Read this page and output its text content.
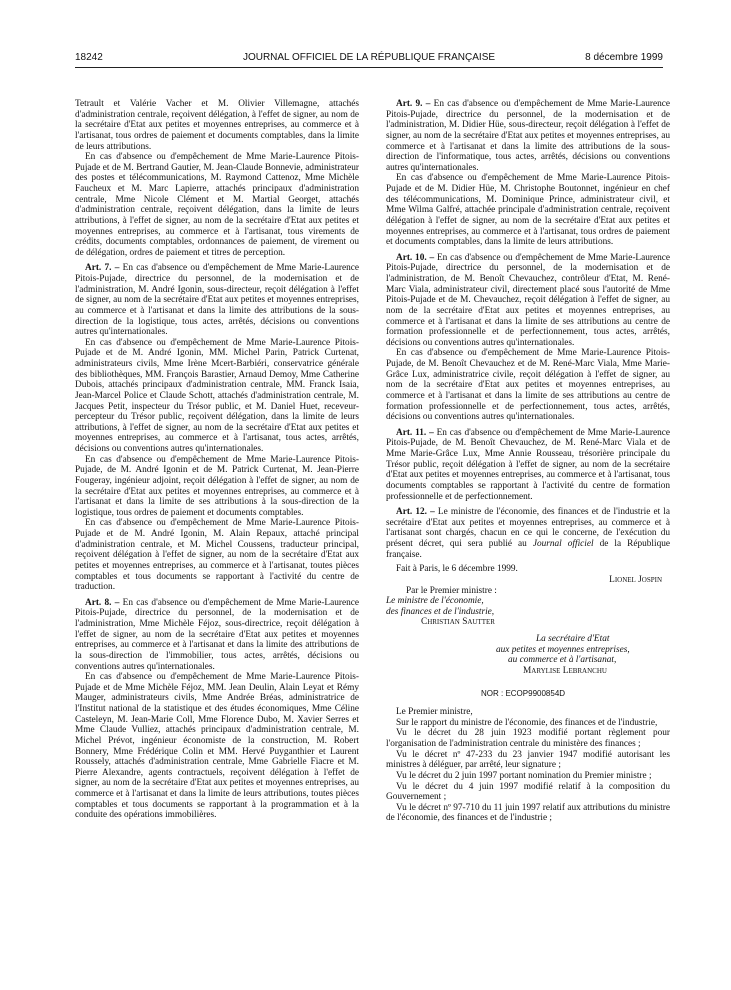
18242	JOURNAL OFFICIEL DE LA RÉPUBLIQUE FRANÇAISE	8 décembre 1999

Tetrault et Valérie Vacher et M. Olivier Villemagne, attachés d'administration centrale, reçoivent délégation, à l'effet de signer, au nom de la secrétaire d'Etat aux petites et moyennes entreprises, au commerce et à l'artisanat, tous ordres de paiement et documents comptables, dans la limite de leurs attributions.

En cas d'absence ou d'empêchement de Mme Marie-Laurence Pitois-Pujade et de M. Bertrand Gautier, M. Jean-Claude Bonnevie, administrateur des postes et télécommunications, M. Raymond Cattenoz, Mme Michèle Faucheux et M. Marc Lapierre, attachés principaux d'administration centrale, Mme Nicole Clément et M. Martial Georget, attachés d'administration centrale, reçoivent délégation, dans la limite de leurs attributions, à l'effet de signer, au nom de la secrétaire d'Etat aux petites et moyennes entreprises, au commerce et à l'artisanat, tous virements de crédits, documents comptables, ordonnances de paiement, de virement ou de délégation, ordres de paiement et titres de perception.

Art. 7. – En cas d'absence ou d'empêchement de Mme Marie-Laurence Pitois-Pujade, directrice du personnel, de la modernisation et de l'administration, M. André Igonin, sous-directeur, reçoit délégation à l'effet de signer, au nom de la secrétaire d'Etat aux petites et moyennes entreprises, au commerce et à l'artisanat et dans la limite des attributions de la sous-direction de la logistique, tous actes, arrêtés, décisions ou conventions autres qu'internationales.

En cas d'absence ou d'empêchement de Mme Marie-Laurence Pitois-Pujade et de M. André Igonin, MM. Michel Parin, Patrick Curtenat, administrateurs civils, Mme Irène Mcert-Barbiéri, conservatrice générale des bibliothèques, MM. François Barastier, Arnaud Demoy, Mme Catherine Dubois, attachés principaux d'administration centrale, MM. Franck Isaia, Jean-Marcel Police et Claude Schott, attachés d'administration centrale, M. Jacques Petit, inspecteur du Trésor public, et M. Daniel Huet, receveur-percepteur du Trésor public, reçoivent délégation, dans la limite de leurs attributions, à l'effet de signer, au nom de la secrétaire d'Etat aux petites et moyennes entreprises, au commerce et à l'artisanat, tous actes, arrêtés, décisions ou conventions autres qu'internationales.

En cas d'absence ou d'empêchement de Mme Marie-Laurence Pitois-Pujade, de M. André Igonin et de M. Patrick Curtenat, M. Jean-Pierre Fougeray, ingénieur adjoint, reçoit délégation à l'effet de signer, au nom de la secrétaire d'Etat aux petites et moyennes entreprises, au commerce et à l'artisanat et dans la limite de ses attributions à la sous-direction de la logistique, tous ordres de paiement et documents comptables.

En cas d'absence ou d'empêchement de Mme Marie-Laurence Pitois-Pujade et de M. André Igonin, M. Alain Repaux, attaché principal d'administration centrale, et M. Michel Coussens, traducteur principal, reçoivent délégation à l'effet de signer, au nom de la secrétaire d'Etat aux petites et moyennes entreprises, au commerce et à l'artisanat, toutes pièces comptables et tous documents se rapportant à l'activité du centre de traduction.

Art. 8. – En cas d'absence ou d'empêchement de Mme Marie-Laurence Pitois-Pujade, directrice du personnel, de la modernisation et de l'administration, Mme Michèle Féjoz, sous-directrice, reçoit délégation à l'effet de signer, au nom de la secrétaire d'Etat aux petites et moyennes entreprises, au commerce et à l'artisanat et dans la limite des attributions de la sous-direction de l'immobilier, tous actes, arrêtés, décisions ou conventions autres qu'internationales.

En cas d'absence ou d'empêchement de Mme Marie-Laurence Pitois-Pujade et de Mme Michèle Féjoz, MM. Jean Deulin, Alain Leyat et Rémy Mauger, administrateurs civils, Mme Andrée Bréas, administratrice de l'Institut national de la statistique et des études économiques, Mme Céline Casteleyn, M. Jean-Marie Coll, Mme Florence Dubo, M. Xavier Serres et Mme Claude Vulliez, attachés principaux d'administration centrale, M. Michel Prévot, ingénieur économiste de la construction, M. Robert Bonnery, Mme Frédérique Colin et MM. Hervé Puyganthier et Laurent Roussely, attachés d'administration centrale, Mme Gabrielle Fiacre et M. Pierre Alexandre, agents contractuels, reçoivent délégation à l'effet de signer, au nom de la secrétaire d'Etat aux petites et moyennes entreprises, au commerce et à l'artisanat et dans la limite de leurs attributions, toutes pièces comptables et tous documents se rapportant à la programmation et à la conduite des opérations immobilières.

Art. 9. – En cas d'absence ou d'empêchement de Mme Marie-Laurence Pitois-Pujade, directrice du personnel, de la modernisation et de l'administration, M. Didier Hüe, sous-directeur, reçoit délégation à l'effet de signer, au nom de la secrétaire d'Etat aux petites et moyennes entreprises, au commerce et à l'artisanat et dans la limite des attributions de la sous-direction de l'informatique, tous actes, arrêtés, décisions ou conventions autres qu'internationales.

En cas d'absence ou d'empêchement de Mme Marie-Laurence Pitois-Pujade et de M. Didier Hüe, M. Christophe Boutonnet, ingénieur en chef des télécommunications, M. Dominique Prince, administrateur civil, et Mme Wilma Galfré, attachée principale d'administration centrale, reçoivent délégation à l'effet de signer, au nom de la secrétaire d'Etat aux petites et moyennes entreprises, au commerce et à l'artisanat, tous ordres de paiement et documents comptables, dans la limite de leurs attributions.

Art. 10. – En cas d'absence ou d'empêchement de Mme Marie-Laurence Pitois-Pujade, directrice du personnel, de la modernisation et de l'administration, de M. Benoît Chevauchez, contrôleur d'Etat, M. René-Marc Viala, administrateur civil, directement placé sous l'autorité de Mme Pitois-Pujade et de M. Chevauchez, reçoit délégation à l'effet de signer, au nom de la secrétaire d'Etat aux petites et moyennes entreprises, au commerce et à l'artisanat et dans la limite de ses attributions au centre de formation professionnelle et de perfectionnement, tous actes, arrêtés, décisions ou conventions autres qu'internationales.

En cas d'absence ou d'empêchement de Mme Marie-Laurence Pitois-Pujade, de M. Benoît Chevauchez et de M. René-Marc Viala, Mme Marie-Grâce Lux, administratrice civile, reçoit délégation à l'effet de signer, au nom de la secrétaire d'Etat aux petites et moyennes entreprises, au commerce et à l'artisanat et dans la limite de ses attributions au centre de formation professionnelle et de perfectionnement, tous actes, arrêtés, décisions ou conventions autres qu'internationales.

Art. 11. – En cas d'absence ou d'empêchement de Mme Marie-Laurence Pitois-Pujade, de M. Benoît Chevauchez, de M. René-Marc Viala et de Mme Marie-Grâce Lux, Mme Annie Rousseau, trésorière principale du Trésor public, reçoit délégation à l'effet de signer, au nom de la secrétaire d'Etat aux petites et moyennes entreprises, au commerce et à l'artisanat, tous documents comptables se rapportant à l'activité du centre de formation professionnelle et de perfectionnement.

Art. 12. – Le ministre de l'économie, des finances et de l'industrie et la secrétaire d'Etat aux petites et moyennes entreprises, au commerce et à l'artisanat sont chargés, chacun en ce qui le concerne, de l'exécution du présent décret, qui sera publié au Journal officiel de la République française.

Fait à Paris, le 6 décembre 1999.

Lionel Jospin
Par le Premier ministre :
Le ministre de l'économie,
des finances et de l'industrie,
Christian Sautter
La secrétaire d'Etat
aux petites et moyennes entreprises,
au commerce et à l'artisanat,
Marylise Lebranchu
NOR : ECOP9900854D

Le Premier ministre,

Sur le rapport du ministre de l'économie, des finances et de l'industrie,

Vu le décret du 28 juin 1923 modifié portant règlement pour l'organisation de l'administration centrale du ministère des finances ;

Vu le décret nº 47-233 du 23 janvier 1947 modifié autorisant les ministres à déléguer, par arrêté, leur signature ;

Vu le décret du 2 juin 1997 portant nomination du Premier ministre ;

Vu le décret du 4 juin 1997 modifié relatif à la composition du Gouvernement ;

Vu le décret nº 97-710 du 11 juin 1997 relatif aux attributions du ministre de l'économie, des finances et de l'industrie ;
